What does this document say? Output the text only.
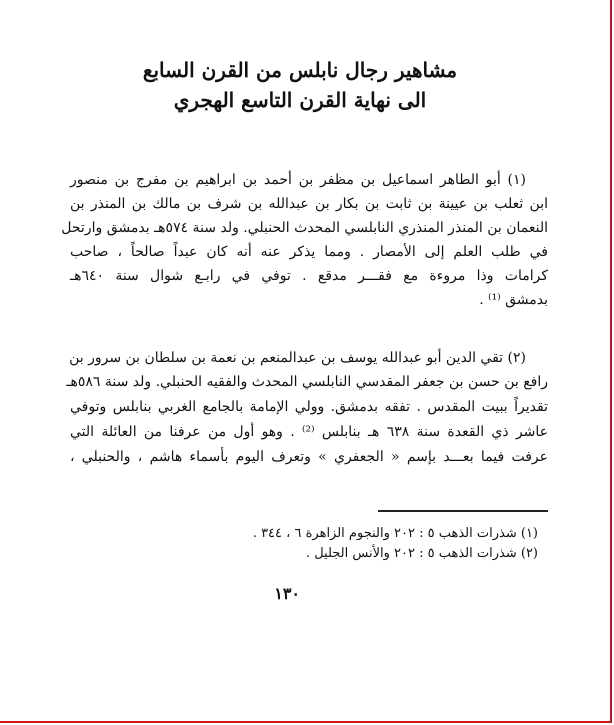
مشاهير رجال نابلس من القرن السابع
الى نهاية القرن التاسع الهجري
(١) أبو الطاهر اسماعيل بن مظفر بن أحمد بن ابراهيم بن مفرج بن منصور
ابن ثعلب بن عيينة بن ثابت بن بكار بن عبدالله بن شرف بن مالك بن المنذر بن
النعمان بن المنذر المنذري النابلسي المحدث الحنبلي. ولد سنة ٥٧٤هـ بدمشق وارتحل
في طلب العلم إلى الأمصار . ومما يذكر عنه أنه كان عبداً صالحاً ، صاحب
كرامات وذا مروءة مع فقـــر مدقع . توفي في رابـع شوال سنة ٦٤٠هـ
بدمشق ⁽¹⁾ .
(٢) تقي الدين أبو عبدالله يوسف بن عبدالمنعم بن نعمة بن سلطان بن سرور بن
رافع بن حسن بن جعفر المقدسي النابلسي المحدث والفقيه الحنبلي. ولد سنة ٥٨٦هـ
تقديراً ببيت المقدس . تفقه بدمشق. وولي الإمامة بالجامع الغربي بنابلس وتوفي
عاشر ذي القعدة سنة ٦٣٨ هـ بنابلس ⁽²⁾ . وهو أول من عرفنا من العائلة التي
عرفت فيما بعـــد بإسم « الجعفري » وتعرف اليوم بأسماء هاشم ، والحنبلي ،
(١) شذرات الذهب ٥ : ٢٠٢ والنجوم الزاهرة ٦ ، ٣٤٤ .
(٢) شذرات الذهب ٥ : ٢٠٢ والأنس الجليل .
١٣٠
